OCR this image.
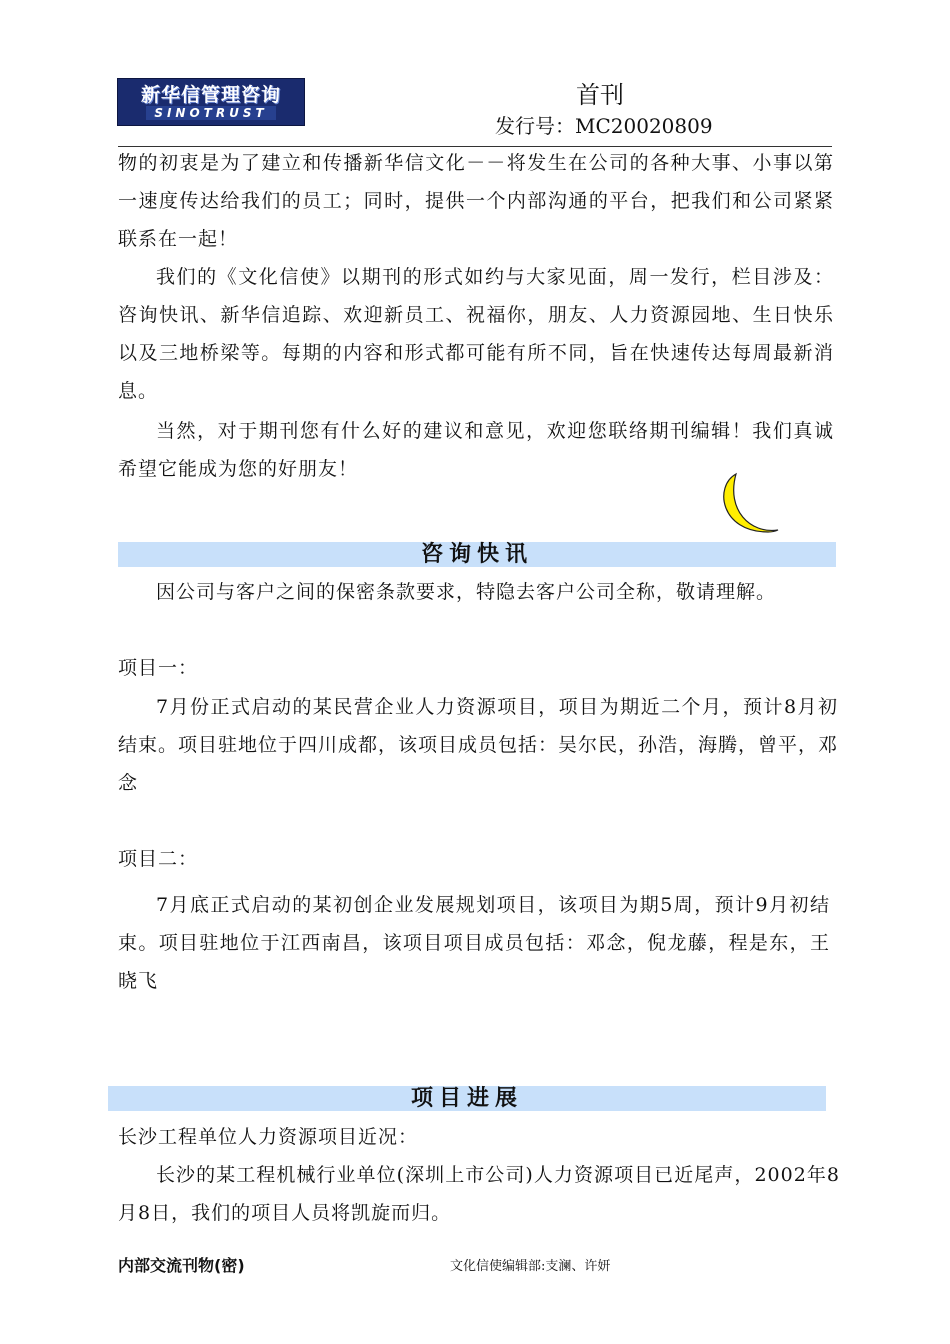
新华信管理咨询
SINOTRUST
首刊
发行号：MC20020809

物的初衷是为了建立和传播新华信文化－－将发生在公司的各种大事、小事以第一速度传达给我们的员工；同时，提供一个内部沟通的平台，把我们和公司紧紧联系在一起！

我们的《文化信使》以期刊的形式如约与大家见面，周一发行，栏目涉及：咨询快讯、新华信追踪、欢迎新员工、祝福你，朋友、人力资源园地、生日快乐以及三地桥梁等。每期的内容和形式都可能有所不同，旨在快速传达每周最新消息。

当然，对于期刊您有什么好的建议和意见，欢迎您联络期刊编辑！我们真诚希望它能成为您的好朋友！

咨询快讯

因公司与客户之间的保密条款要求，特隐去客户公司全称，敬请理解。

项目一：

7月份正式启动的某民营企业人力资源项目，项目为期近二个月，预计8月初结束。项目驻地位于四川成都，该项目成员包括：吴尔民，孙浩，海腾，曾平，邓念

项目二：

7月底正式启动的某初创企业发展规划项目，该项目为期5周，预计9月初结束。项目驻地位于江西南昌，该项目项目成员包括：邓念，倪龙藤，程是东，王晓飞

项目进展

长沙工程单位人力资源项目近况：

长沙的某工程机械行业单位(深圳上市公司)人力资源项目已近尾声，2002年8月8日，我们的项目人员将凯旋而归。

内部交流刊物(密)	文化信使编辑部:支澜、许妍
